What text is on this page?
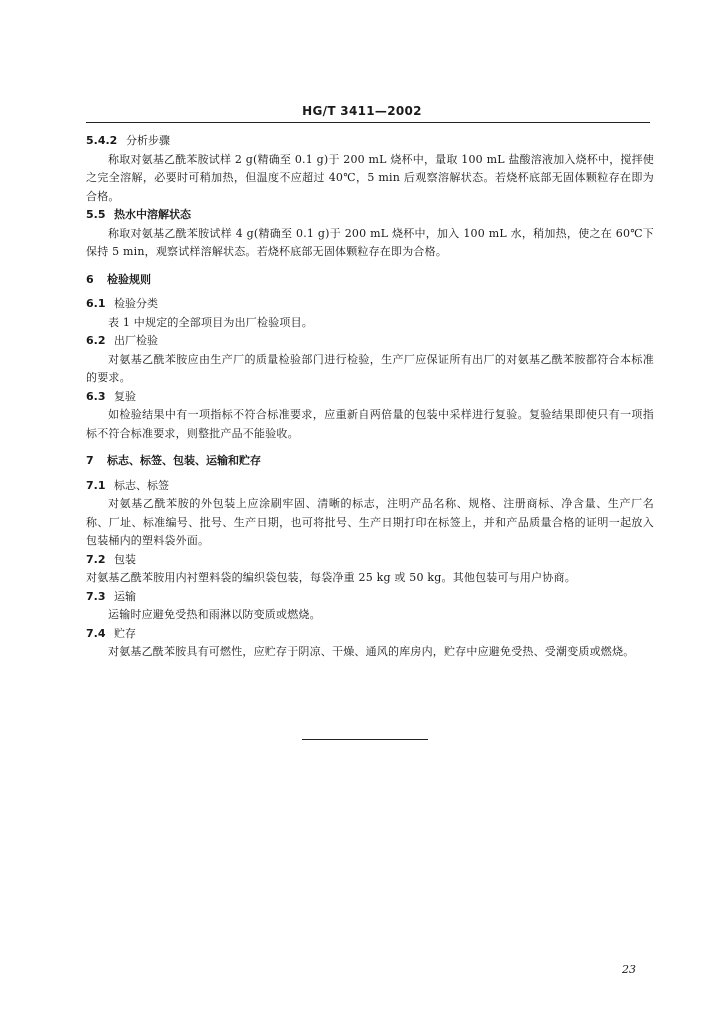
HG/T 3411—2002
5.4.2 分析步骤

称取对氨基乙酰苯胺试样 2 g(精确至 0.1 g)于 200 mL 烧杯中，量取 100 mL 盐酸溶液加入烧杯中，搅拌使之完全溶解，必要时可稍加热，但温度不应超过 40℃，5 min 后观察溶解状态。若烧杯底部无固体颗粒存在即为合格。

5.5 热水中溶解状态

称取对氨基乙酰苯胺试样 4 g(精确至 0.1 g)于 200 mL 烧杯中，加入 100 mL 水，稍加热，使之在 60℃下保持 5 min，观察试样溶解状态。若烧杯底部无固体颗粒存在即为合格。

6 检验规则
6.1 检验分类

表 1 中规定的全部项目为出厂检验项目。

6.2 出厂检验

对氨基乙酰苯胺应由生产厂的质量检验部门进行检验，生产厂应保证所有出厂的对氨基乙酰苯胺都符合本标准的要求。

6.3 复验

如检验结果中有一项指标不符合标准要求，应重新自两倍量的包装中采样进行复验。复验结果即使只有一项指标不符合标准要求，则整批产品不能验收。

7 标志、标签、包装、运输和贮存
7.1 标志、标签

对氨基乙酰苯胺的外包装上应涂刷牢固、清晰的标志，注明产品名称、规格、注册商标、净含量、生产厂名称、厂址、标准编号、批号、生产日期，也可将批号、生产日期打印在标签上，并和产品质量合格的证明一起放入包装桶内的塑料袋外面。

7.2 包装

对氨基乙酰苯胺用内衬塑料袋的编织袋包装，每袋净重 25 kg 或 50 kg。其他包装可与用户协商。

7.3 运输

运输时应避免受热和雨淋以防变质或燃烧。

7.4 贮存

对氨基乙酰苯胺具有可燃性，应贮存于阴凉、干燥、通风的库房内，贮存中应避免受热、受潮变质或燃烧。

23
